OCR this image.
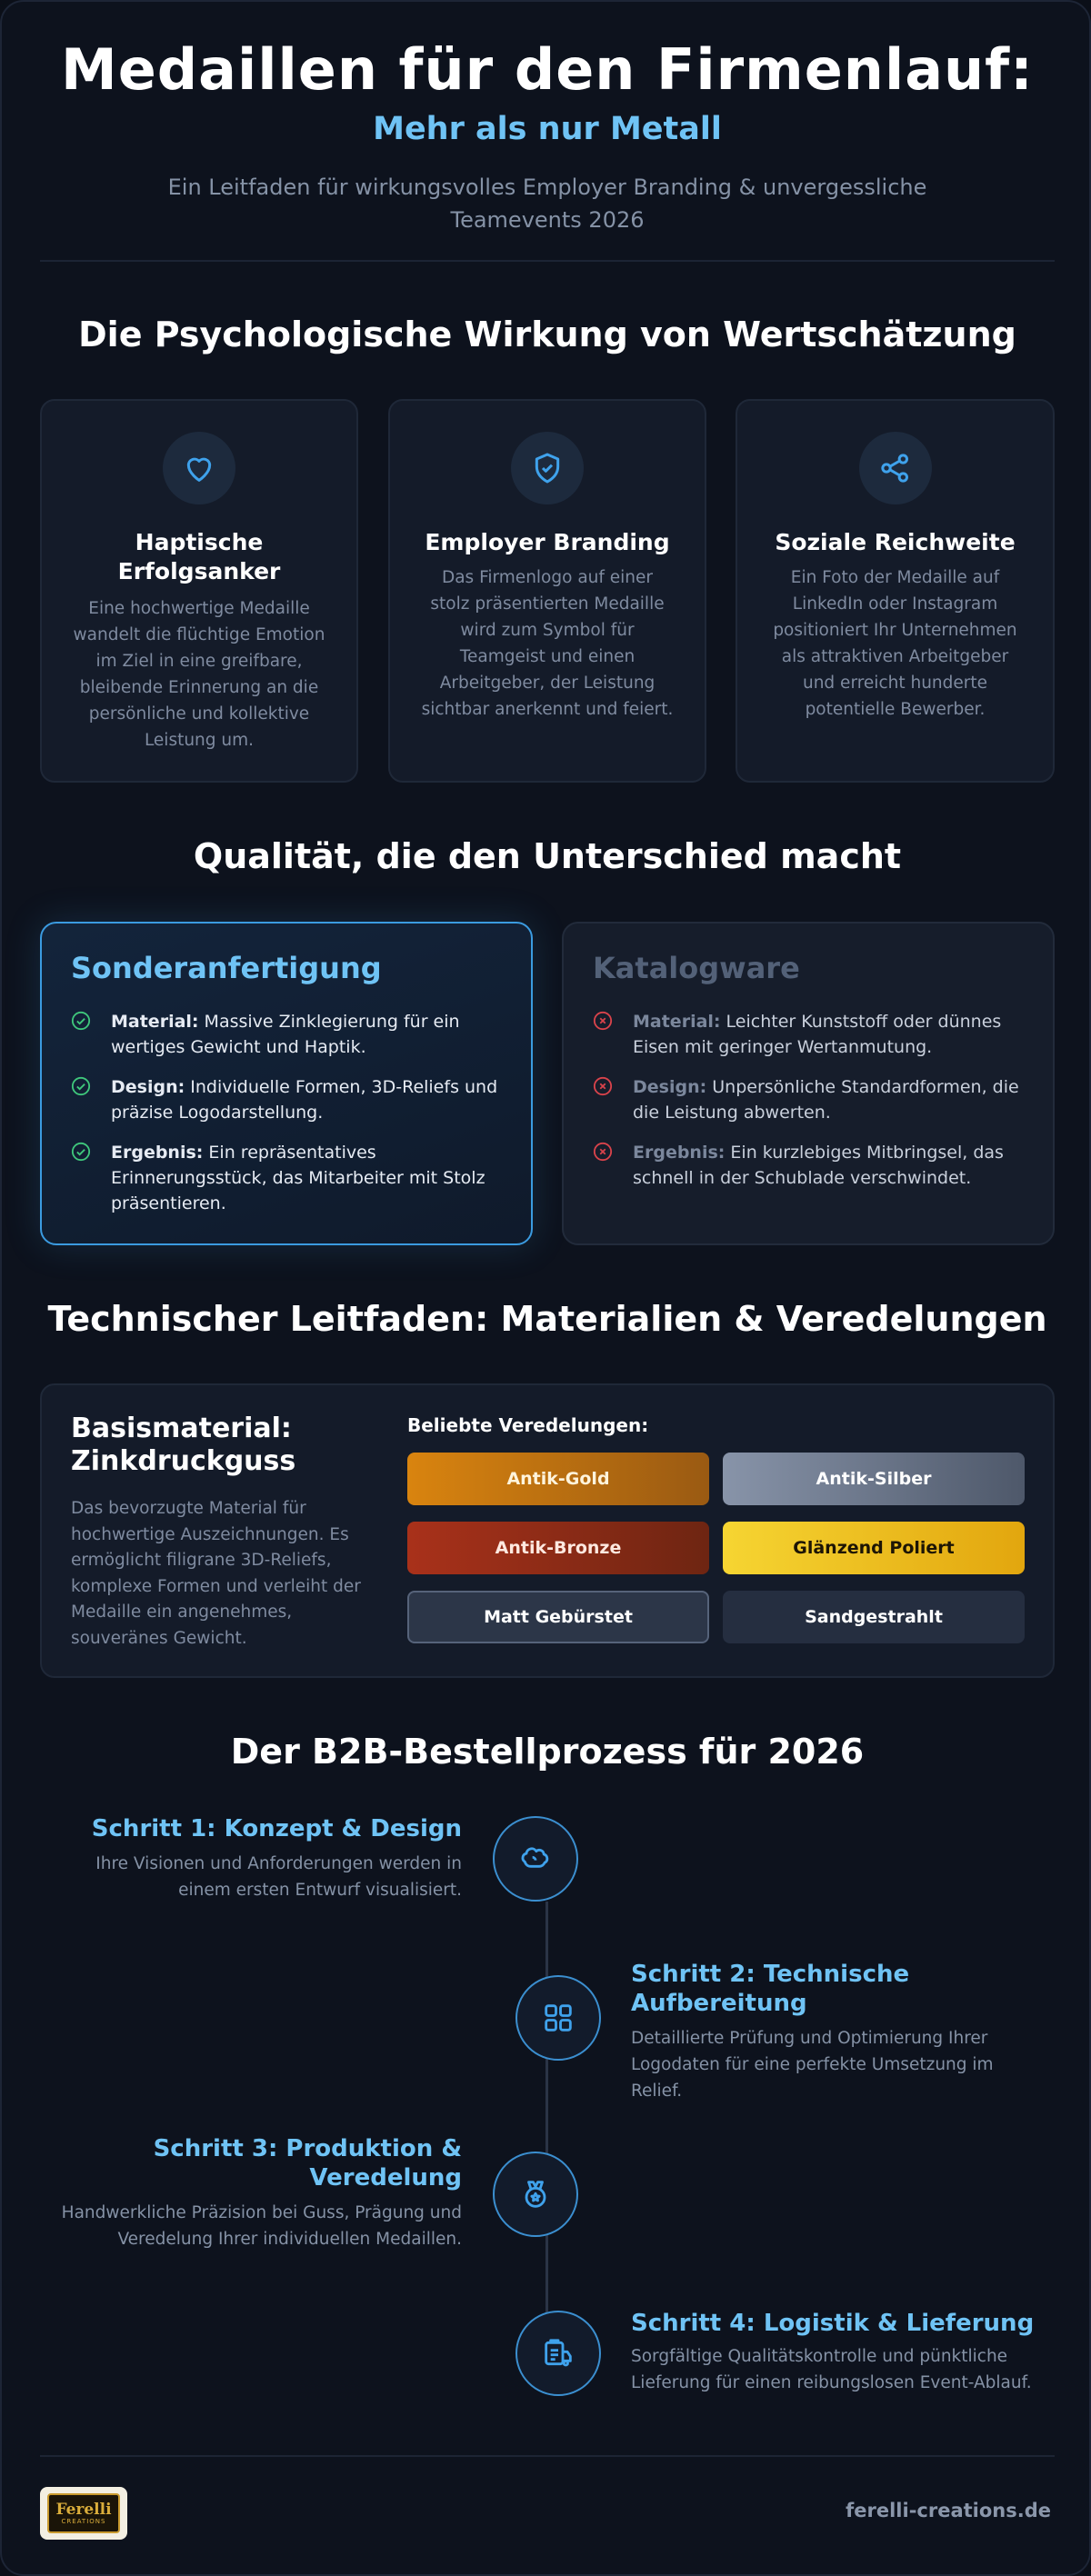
Medaillen für den Firmenlauf:
Mehr als nur Metall
Ein Leitfaden für wirkungsvolles Employer Branding & unvergessliche Teamevents 2026
Die Psychologische Wirkung von Wertschätzung
Haptische Erfolgsanker

Eine hochwertige Medaille wandelt die flüchtige Emotion im Ziel in eine greifbare, bleibende Erinnerung an die persönliche und kollektive Leistung um.

Employer Branding

Das Firmenlogo auf einer stolz präsentierten Medaille wird zum Symbol für Teamgeist und einen Arbeitgeber, der Leistung sichtbar anerkennt und feiert.

Soziale Reichweite

Ein Foto der Medaille auf LinkedIn oder Instagram positioniert Ihr Unternehmen als attraktiven Arbeitgeber und erreicht hunderte potentielle Bewerber.

Qualität, die den Unterschied macht
Sonderanfertigung
Material: Massive Zinklegierung für ein wertiges Gewicht und Haptik.
Design: Individuelle Formen, 3D-Reliefs und präzise Logodarstellung.
Ergebnis: Ein repräsentatives Erinnerungsstück, das Mitarbeiter mit Stolz präsentieren.
Katalogware
Material: Leichter Kunststoff oder dünnes Eisen mit geringer Wertanmutung.
Design: Unpersönliche Standardformen, die die Leistung abwerten.
Ergebnis: Ein kurzlebiges Mitbringsel, das schnell in der Schublade verschwindet.
Technischer Leitfaden: Materialien & Veredelungen
Basismaterial: Zinkdruckguss
Das bevorzugte Material für hochwertige Auszeichnungen. Es ermöglicht filigrane 3D-Reliefs, komplexe Formen und verleiht der Medaille ein angenehmes, souveränes Gewicht.
Beliebte Veredelungen:
Antik-Gold	Antik-Silber
Antik-Bronze	Glänzend Poliert
Matt Gebürstet	Sandgestrahlt
Der B2B-Bestellprozess für 2026
Schritt 1: Konzept & Design
Ihre Visionen und Anforderungen werden in einem ersten Entwurf visualisiert.
Schritt 2: Technische Aufbereitung
Detaillierte Prüfung und Optimierung Ihrer Logodaten für eine perfekte Umsetzung im Relief.
Schritt 3: Produktion & Veredelung
Handwerkliche Präzision bei Guss, Prägung und Veredelung Ihrer individuellen Medaillen.
Schritt 4: Logistik & Lieferung
Sorgfältige Qualitätskontrolle und pünktliche Lieferung für einen reibungslosen Event-Ablauf.
Ferelli
CREATIONS	ferelli-creations.de
